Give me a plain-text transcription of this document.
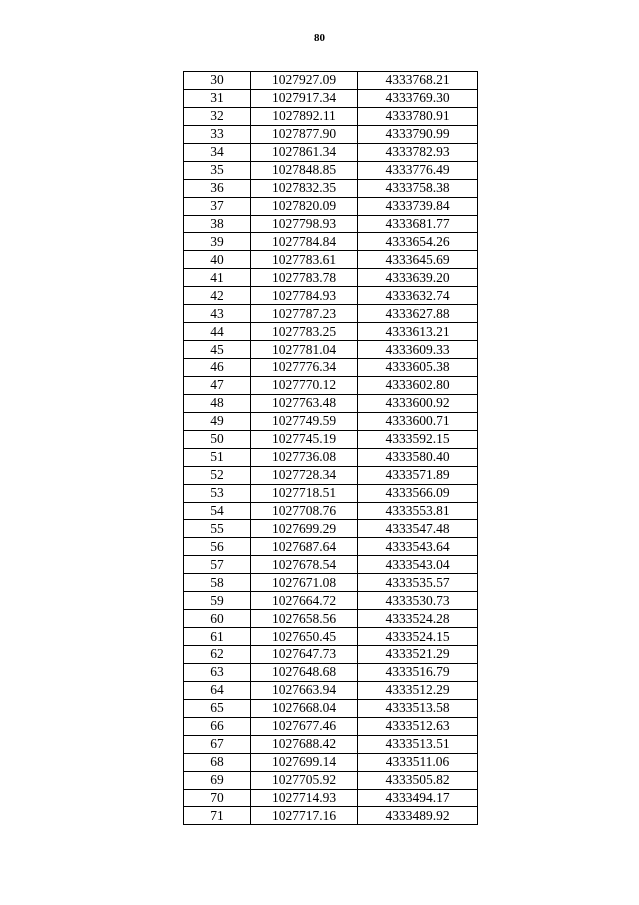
80
30	1027927.09	4333768.21
31	1027917.34	4333769.30
32	1027892.11	4333780.91
33	1027877.90	4333790.99
34	1027861.34	4333782.93
35	1027848.85	4333776.49
36	1027832.35	4333758.38
37	1027820.09	4333739.84
38	1027798.93	4333681.77
39	1027784.84	4333654.26
40	1027783.61	4333645.69
41	1027783.78	4333639.20
42	1027784.93	4333632.74
43	1027787.23	4333627.88
44	1027783.25	4333613.21
45	1027781.04	4333609.33
46	1027776.34	4333605.38
47	1027770.12	4333602.80
48	1027763.48	4333600.92
49	1027749.59	4333600.71
50	1027745.19	4333592.15
51	1027736.08	4333580.40
52	1027728.34	4333571.89
53	1027718.51	4333566.09
54	1027708.76	4333553.81
55	1027699.29	4333547.48
56	1027687.64	4333543.64
57	1027678.54	4333543.04
58	1027671.08	4333535.57
59	1027664.72	4333530.73
60	1027658.56	4333524.28
61	1027650.45	4333524.15
62	1027647.73	4333521.29
63	1027648.68	4333516.79
64	1027663.94	4333512.29
65	1027668.04	4333513.58
66	1027677.46	4333512.63
67	1027688.42	4333513.51
68	1027699.14	4333511.06
69	1027705.92	4333505.82
70	1027714.93	4333494.17
71	1027717.16	4333489.92
